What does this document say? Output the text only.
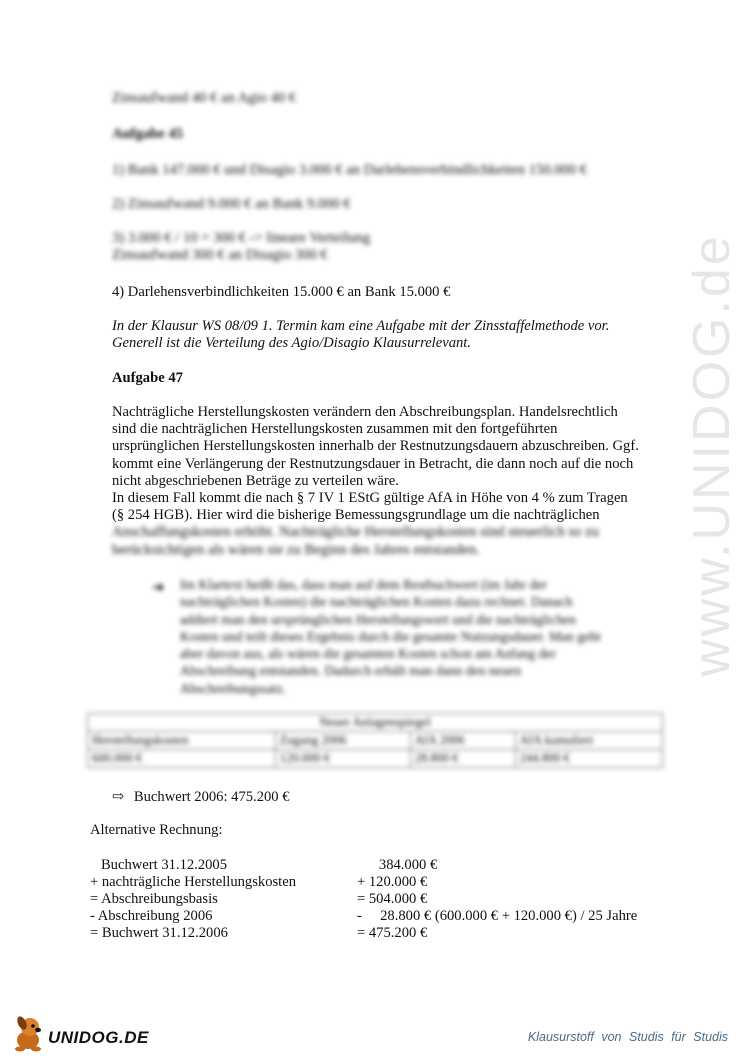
www.UNIDOG.de
Zinsaufwand 40 € an Agio 40 €
Aufgabe 45
1) Bank 147.000 € und Disagio 3.000 € an Darlehensverbindlichkeiten 150.000 €
2) Zinsaufwand 9.000 € an Bank 9.000 €
3) 3.000 € / 10 = 300 € -> lineare Verteilung
Zinsaufwand 300 € an Disagio 300 €
4) Darlehensverbindlichkeiten 15.000 € an Bank 15.000 €
In der Klausur WS 08/09 1. Termin kam eine Aufgabe mit der Zinsstaffelmethode vor.
Generell ist die Verteilung des Agio/Disagio Klausurrelevant.
Aufgabe 47

Nachträgliche Herstellungskosten verändern den Abschreibungsplan. Handelsrechtlich

sind die nachträglichen Herstellungskosten zusammen mit den fortgeführten

ursprünglichen Herstellungskosten innerhalb der Restnutzungsdauern abzuschreiben. Ggf.

kommt eine Verlängerung der Restnutzungsdauer in Betracht, die dann noch auf die noch

nicht abgeschriebenen Beträge zu verteilen wäre.

In diesem Fall kommt die nach § 7 IV 1 EStG gültige AfA in Höhe von 4 % zum Tragen

(§ 254 HGB). Hier wird die bisherige Bemessungsgrundlage um die nachträglichen

Anschaffungskosten erhöht. Nachträgliche Herstellungskosten sind steuerlich so zu

berücksichtigen als wären sie zu Beginn des Jahres entstanden.

➜ Im Klartext heißt das, dass man auf dem Restbuchwert (im Jahr der

nachträglichen Kosten) die nachträglichen Kosten dazu rechnet. Danach

addiert man den ursprünglichen Herstellungswert und die nachträglichen

Kosten und teilt dieses Ergebnis durch die gesamte Nutzungsdauer. Man geht

aber davon aus, als wären die gesamten Kosten schon am Anfang der

Abschreibung entstanden. Dadurch erhält man dann den neuen

Abschreibungssatz.

Neuer Anlagenspiegel			
Herstellungskosten	Zugang 2006	AfA 2006	AfA kumuliert
600.000 €	120.000 €	28.800 €	244.800 €
⇨ Buchwert 2006: 475.200 €
Alternative Rechnung:
Buchwert 31.12.2005	384.000 €
+ nachträgliche Herstellungskosten	+ 120.000 €
= Abschreibungsbasis	= 504.000 €
- Abschreibung 2006	-     28.800 € (600.000 € + 120.000 €) / 25 Jahre
= Buchwert 31.12.2006	= 475.200 €
UNIDOG.DE	Klausurstoff von Studis für Studis
